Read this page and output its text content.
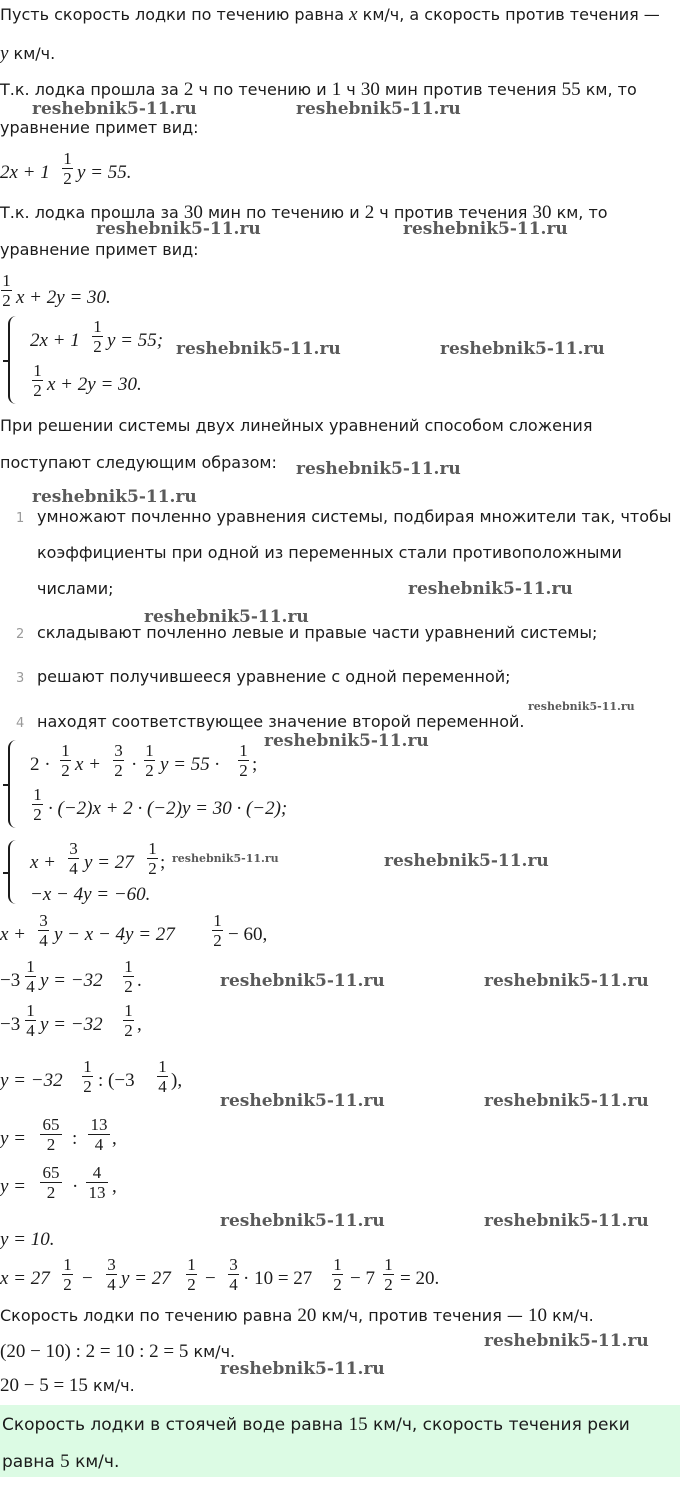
Пусть скорость лодки по течению равна x км/ч, а скорость против течения —
y км/ч.
Т.к. лодка прошла за 2 ч по течению и 1 ч 30 мин против течения 55 км, то
уравнение примет вид:
2x + 1
1
2 y = 55.
Т.к. лодка прошла за 30 мин по течению и 2 ч против течения 30 км, то
уравнение примет вид:
1
2 x + 2y = 30.
2x + 1
1
2 y = 55;
1
2 x + 2y = 30.
При решении системы двух линейных уравнений способом сложения
поступают следующим образом:
1 умножают почленно уравнения системы, подбирая множители так, чтобы
коэффициенты при одной из переменных стали противоположными
числами;
2 складывают почленно левые и правые части уравнений системы;
3 решают получившееся уравнение с одной переменной;
4 находят соответствующее значение второй переменной.
2 ·
1
2 x +
3
2 ·
1
2 y = 55 ·
1
2 ;
1
2 · (−2)x + 2 · (−2)y = 30 · (−2);
x +
3
4 y = 27
1
2 ;
−x − 4y = −60.
x +
3
4 y − x − 4y = 27
1
2 − 60,
−3
1
4 y = −32
1
2 .
−3
1
4 y = −32
1
2 ,
y = −32
1
2 : (−3
1
4 ),
y =
65
2 :
13
4 ,
y =
65
2 ·
4
13 ,
y = 10.
x = 27
1
2 −
3
4 y = 27
1
2 −
3
4 · 10 = 27
1
2 − 7
1
2 = 20.
Скорость лодки по течению равна 20 км/ч, против течения — 10 км/ч.
(20 − 10) : 2 = 10 : 2 = 5 км/ч.
20 − 5 = 15 км/ч.
Скорость лодки в стоячей воде равна 15 км/ч, скорость течения реки
равна 5 км/ч.
reshebnik5-11.ru	reshebnik5-11.ru
reshebnik5-11.ru	reshebnik5-11.ru
reshebnik5-11.ru	reshebnik5-11.ru
reshebnik5-11.ru
reshebnik5-11.ru
reshebnik5-11.ru
reshebnik5-11.ru
reshebnik5-11.ru
reshebnik5-11.ru
reshebnik5-11.ru	reshebnik5-11.ru
reshebnik5-11.ru	reshebnik5-11.ru
reshebnik5-11.ru	reshebnik5-11.ru
reshebnik5-11.ru	reshebnik5-11.ru
reshebnik5-11.ru
reshebnik5-11.ru
